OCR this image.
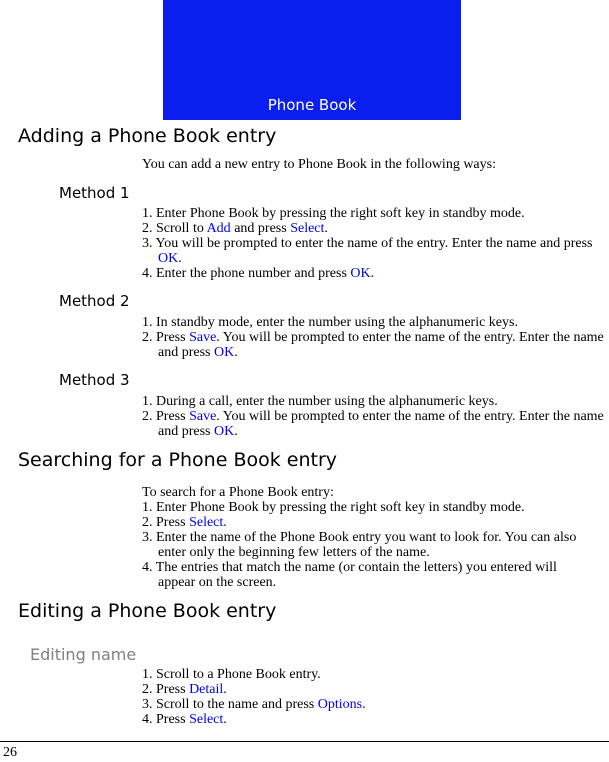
Phone Book
Adding a Phone Book entry

You can add a new entry to Phone Book in the following ways:

Method 1
1. Enter Phone Book by pressing the right soft key in standby mode.
2. Scroll to Add and press Select.
3. You will be prompted to enter the name of the entry. Enter the name and press OK.
4. Enter the phone number and press OK.
Method 2
1. In standby mode, enter the number using the alphanumeric keys.
2. Press Save. You will be prompted to enter the name of the entry. Enter the name and press OK.
Method 3
1. During a call, enter the number using the alphanumeric keys.
2. Press Save. You will be prompted to enter the name of the entry. Enter the name and press OK.
Searching for a Phone Book entry

To search for a Phone Book entry:

1. Enter Phone Book by pressing the right soft key in standby mode.
2. Press Select.
3. Enter the name of the Phone Book entry you want to look for. You can also enter only the beginning few letters of the name.
4. The entries that match the name (or contain the letters) you entered will appear on the screen.
Editing a Phone Book entry
Editing name
1. Scroll to a Phone Book entry.
2. Press Detail.
3. Scroll to the name and press Options.
4. Press Select.
26
